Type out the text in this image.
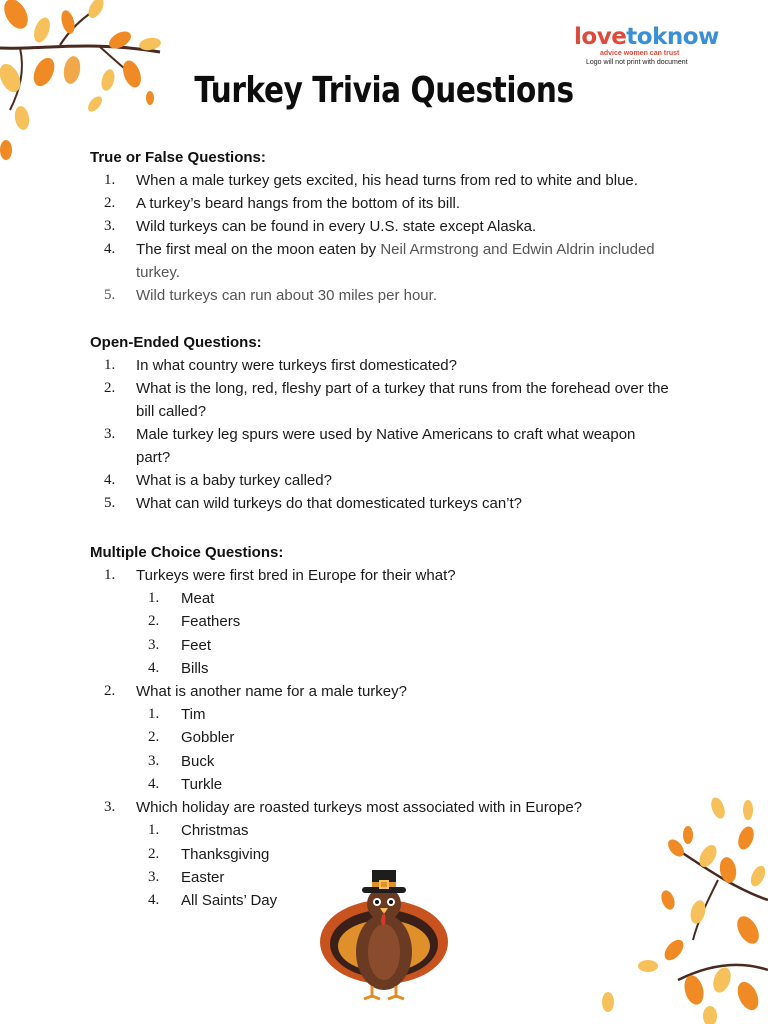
lovetoknow
advice women can trust
Logo will not print with document
Turkey Trivia Questions
True or False Questions:
1.	When a male turkey gets excited, his head turns from red to white and blue.
2.	A turkey’s beard hangs from the bottom of its bill.
3.	Wild turkeys can be found in every U.S. state except Alaska.
4.	The first meal on the moon eaten by Neil Armstrong and Edwin Aldrin included
turkey.
5.	Wild turkeys can run about 30 miles per hour.
Open-Ended Questions:
1.	In what country were turkeys first domesticated?
2.	What is the long, red, fleshy part of a turkey that runs from the forehead over the
bill called?
3.	Male turkey leg spurs were used by Native Americans to craft what weapon
part?
4.	What is a baby turkey called?
5.	What can wild turkeys do that domesticated turkeys can’t?
Multiple Choice Questions:
1.	Turkeys were first bred in Europe for their what?
1.	Meat
2.	Feathers
3.	Feet
4.	Bills
2.	What is another name for a male turkey?
1.	Tim
2.	Gobbler
3.	Buck
4.	Turkle
3.	Which holiday are roasted turkeys most associated with in Europe?
1.	Christmas
2.	Thanksgiving
3.	Easter
4.	All Saints’ Day
